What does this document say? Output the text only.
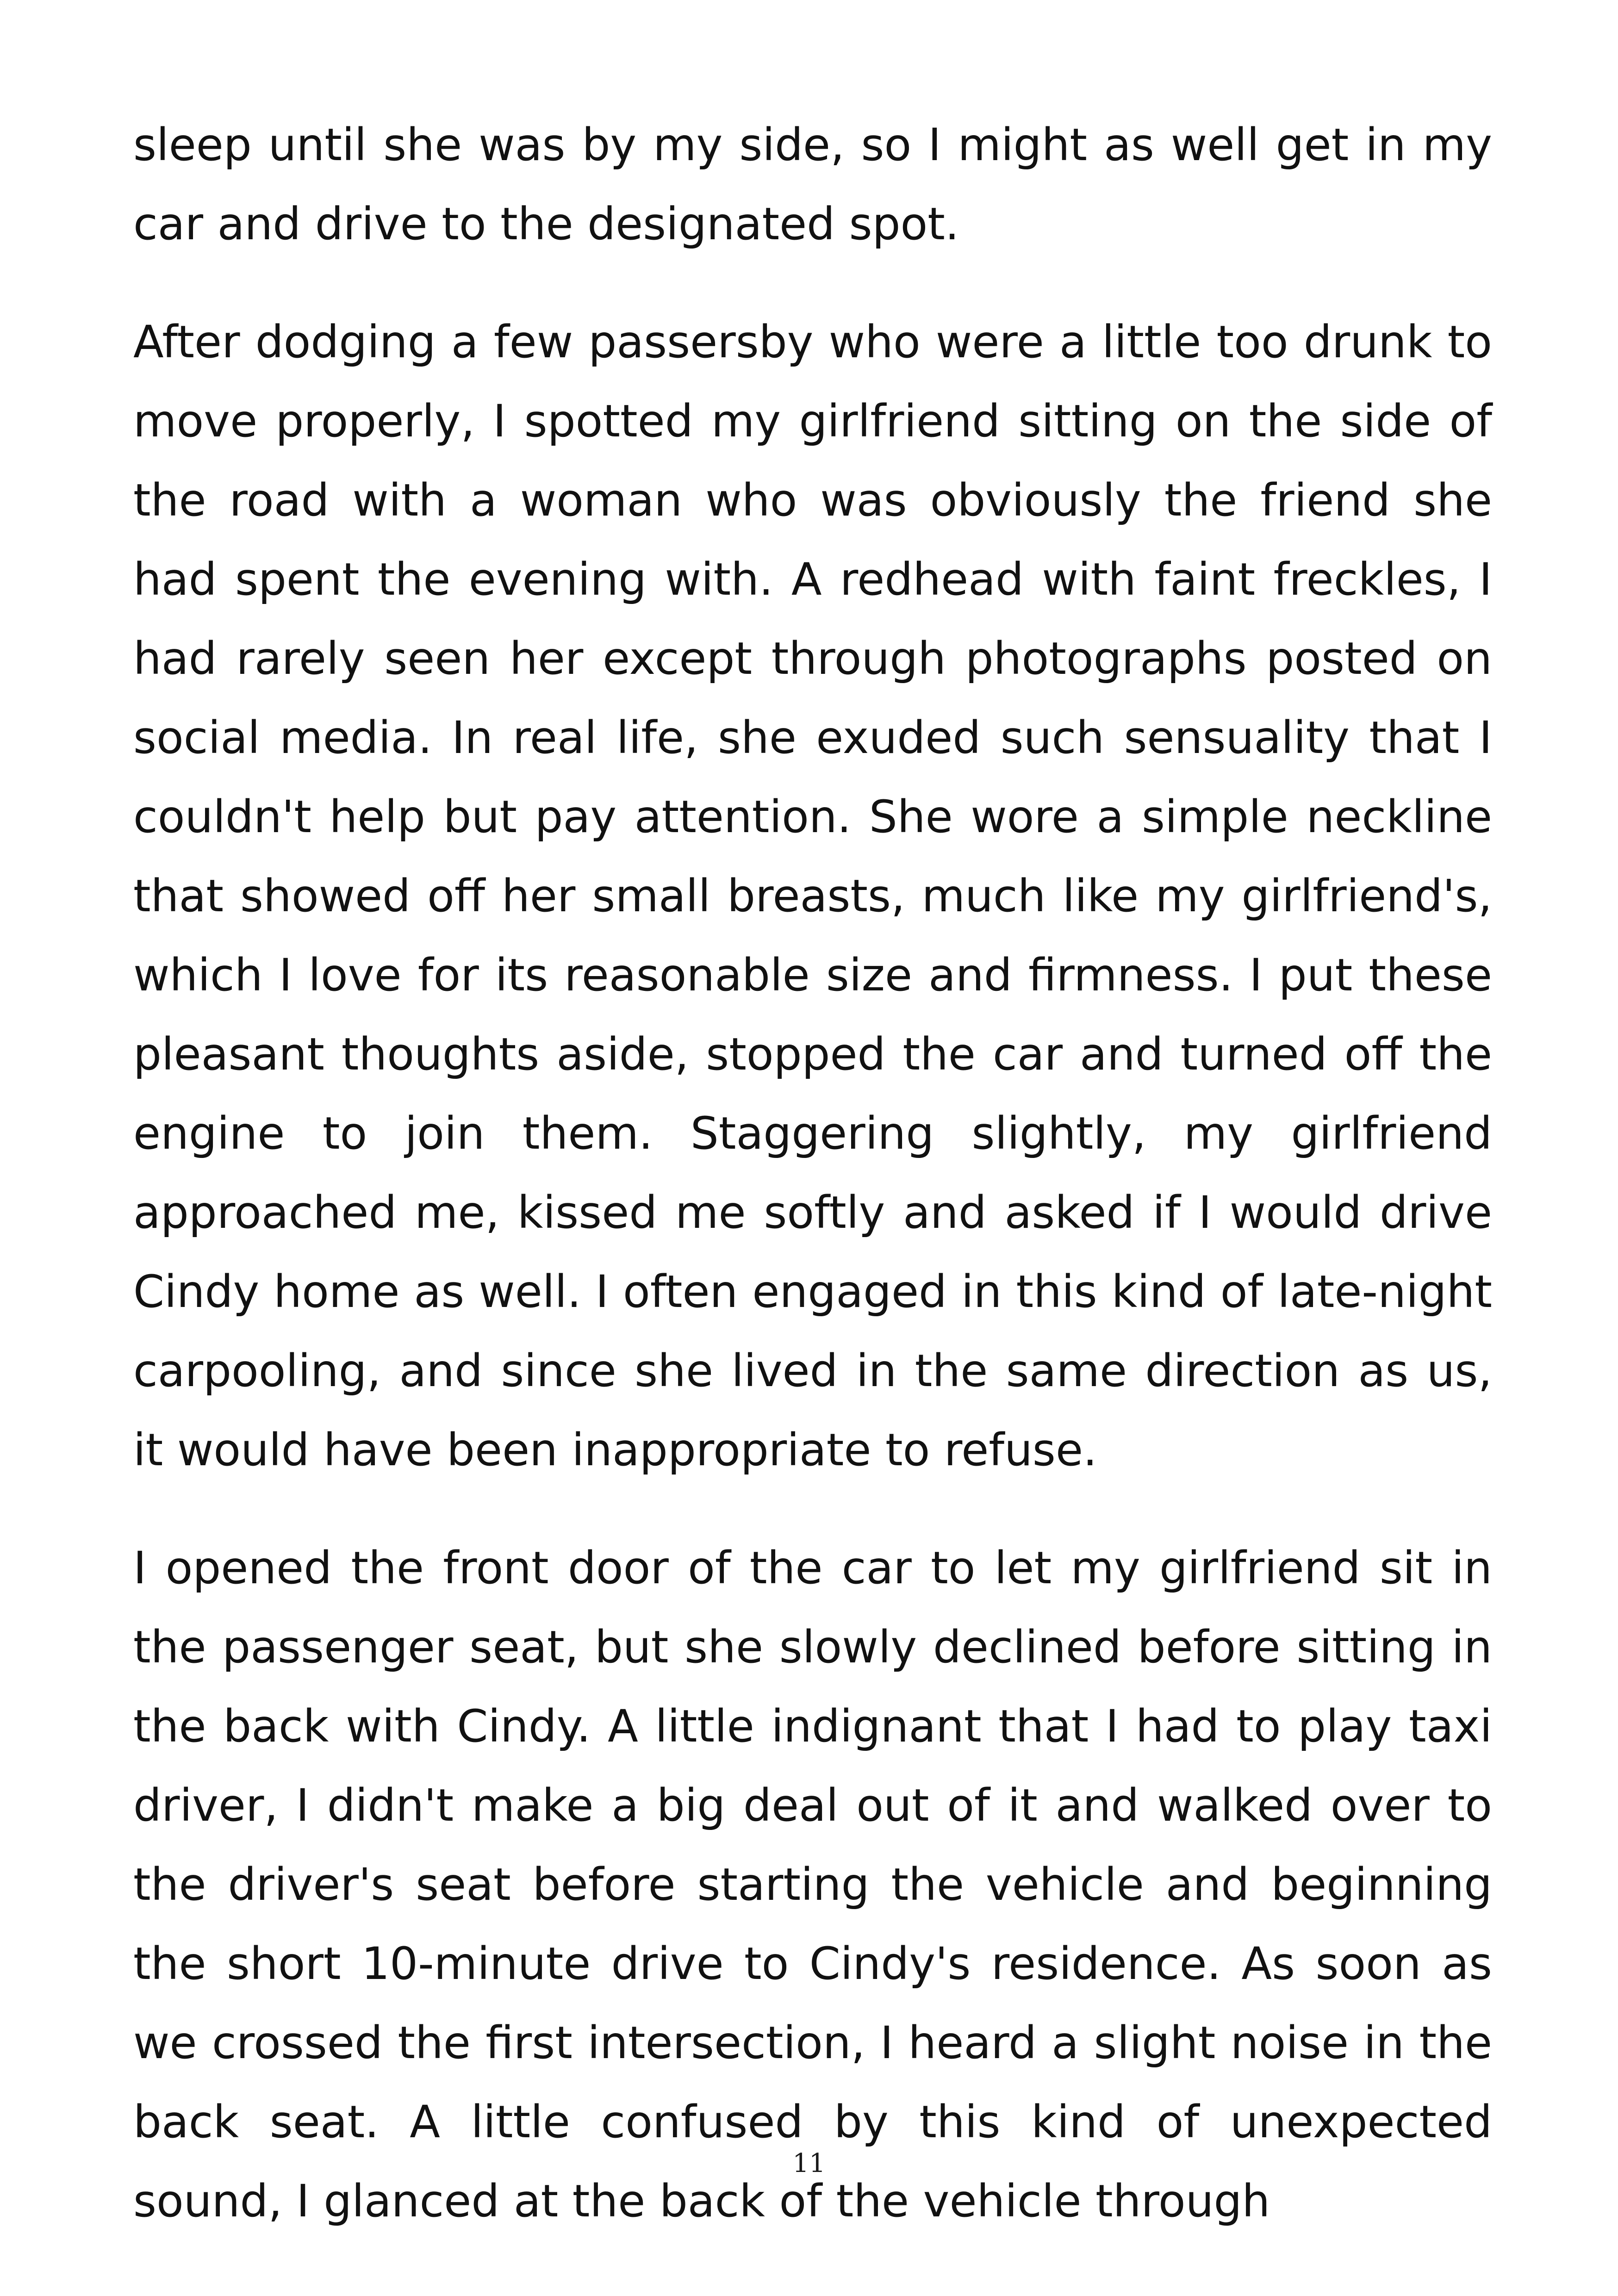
sleep until she was by my side, so I might as well get in my car and drive to the designated spot.

After dodging a few passersby who were a little too drunk to move properly, I spotted my girlfriend sitting on the side of the road with a woman who was obviously the friend she had spent the evening with. A redhead with faint freckles, I had rarely seen her except through photographs posted on social media. In real life, she exuded such sensuality that I couldn't help but pay attention. She wore a simple neckline that showed off her small breasts, much like my girlfriend's, which I love for its reasonable size and firmness. I put these pleasant thoughts aside, stopped the car and turned off the engine to join them. Staggering slightly, my girlfriend approached me, kissed me softly and asked if I would drive Cindy home as well. I often engaged in this kind of late-night carpooling, and since she lived in the same direction as us, it would have been inappropriate to refuse.

I opened the front door of the car to let my girlfriend sit in the passenger seat, but she slowly declined before sitting in the back with Cindy. A little indignant that I had to play taxi driver, I didn't make a big deal out of it and walked over to the driver's seat before starting the vehicle and beginning the short 10-minute drive to Cindy's residence. As soon as we crossed the first intersection, I heard a slight noise in the back seat. A little confused by this kind of unexpected sound, I glanced at the back of the vehicle through

11
